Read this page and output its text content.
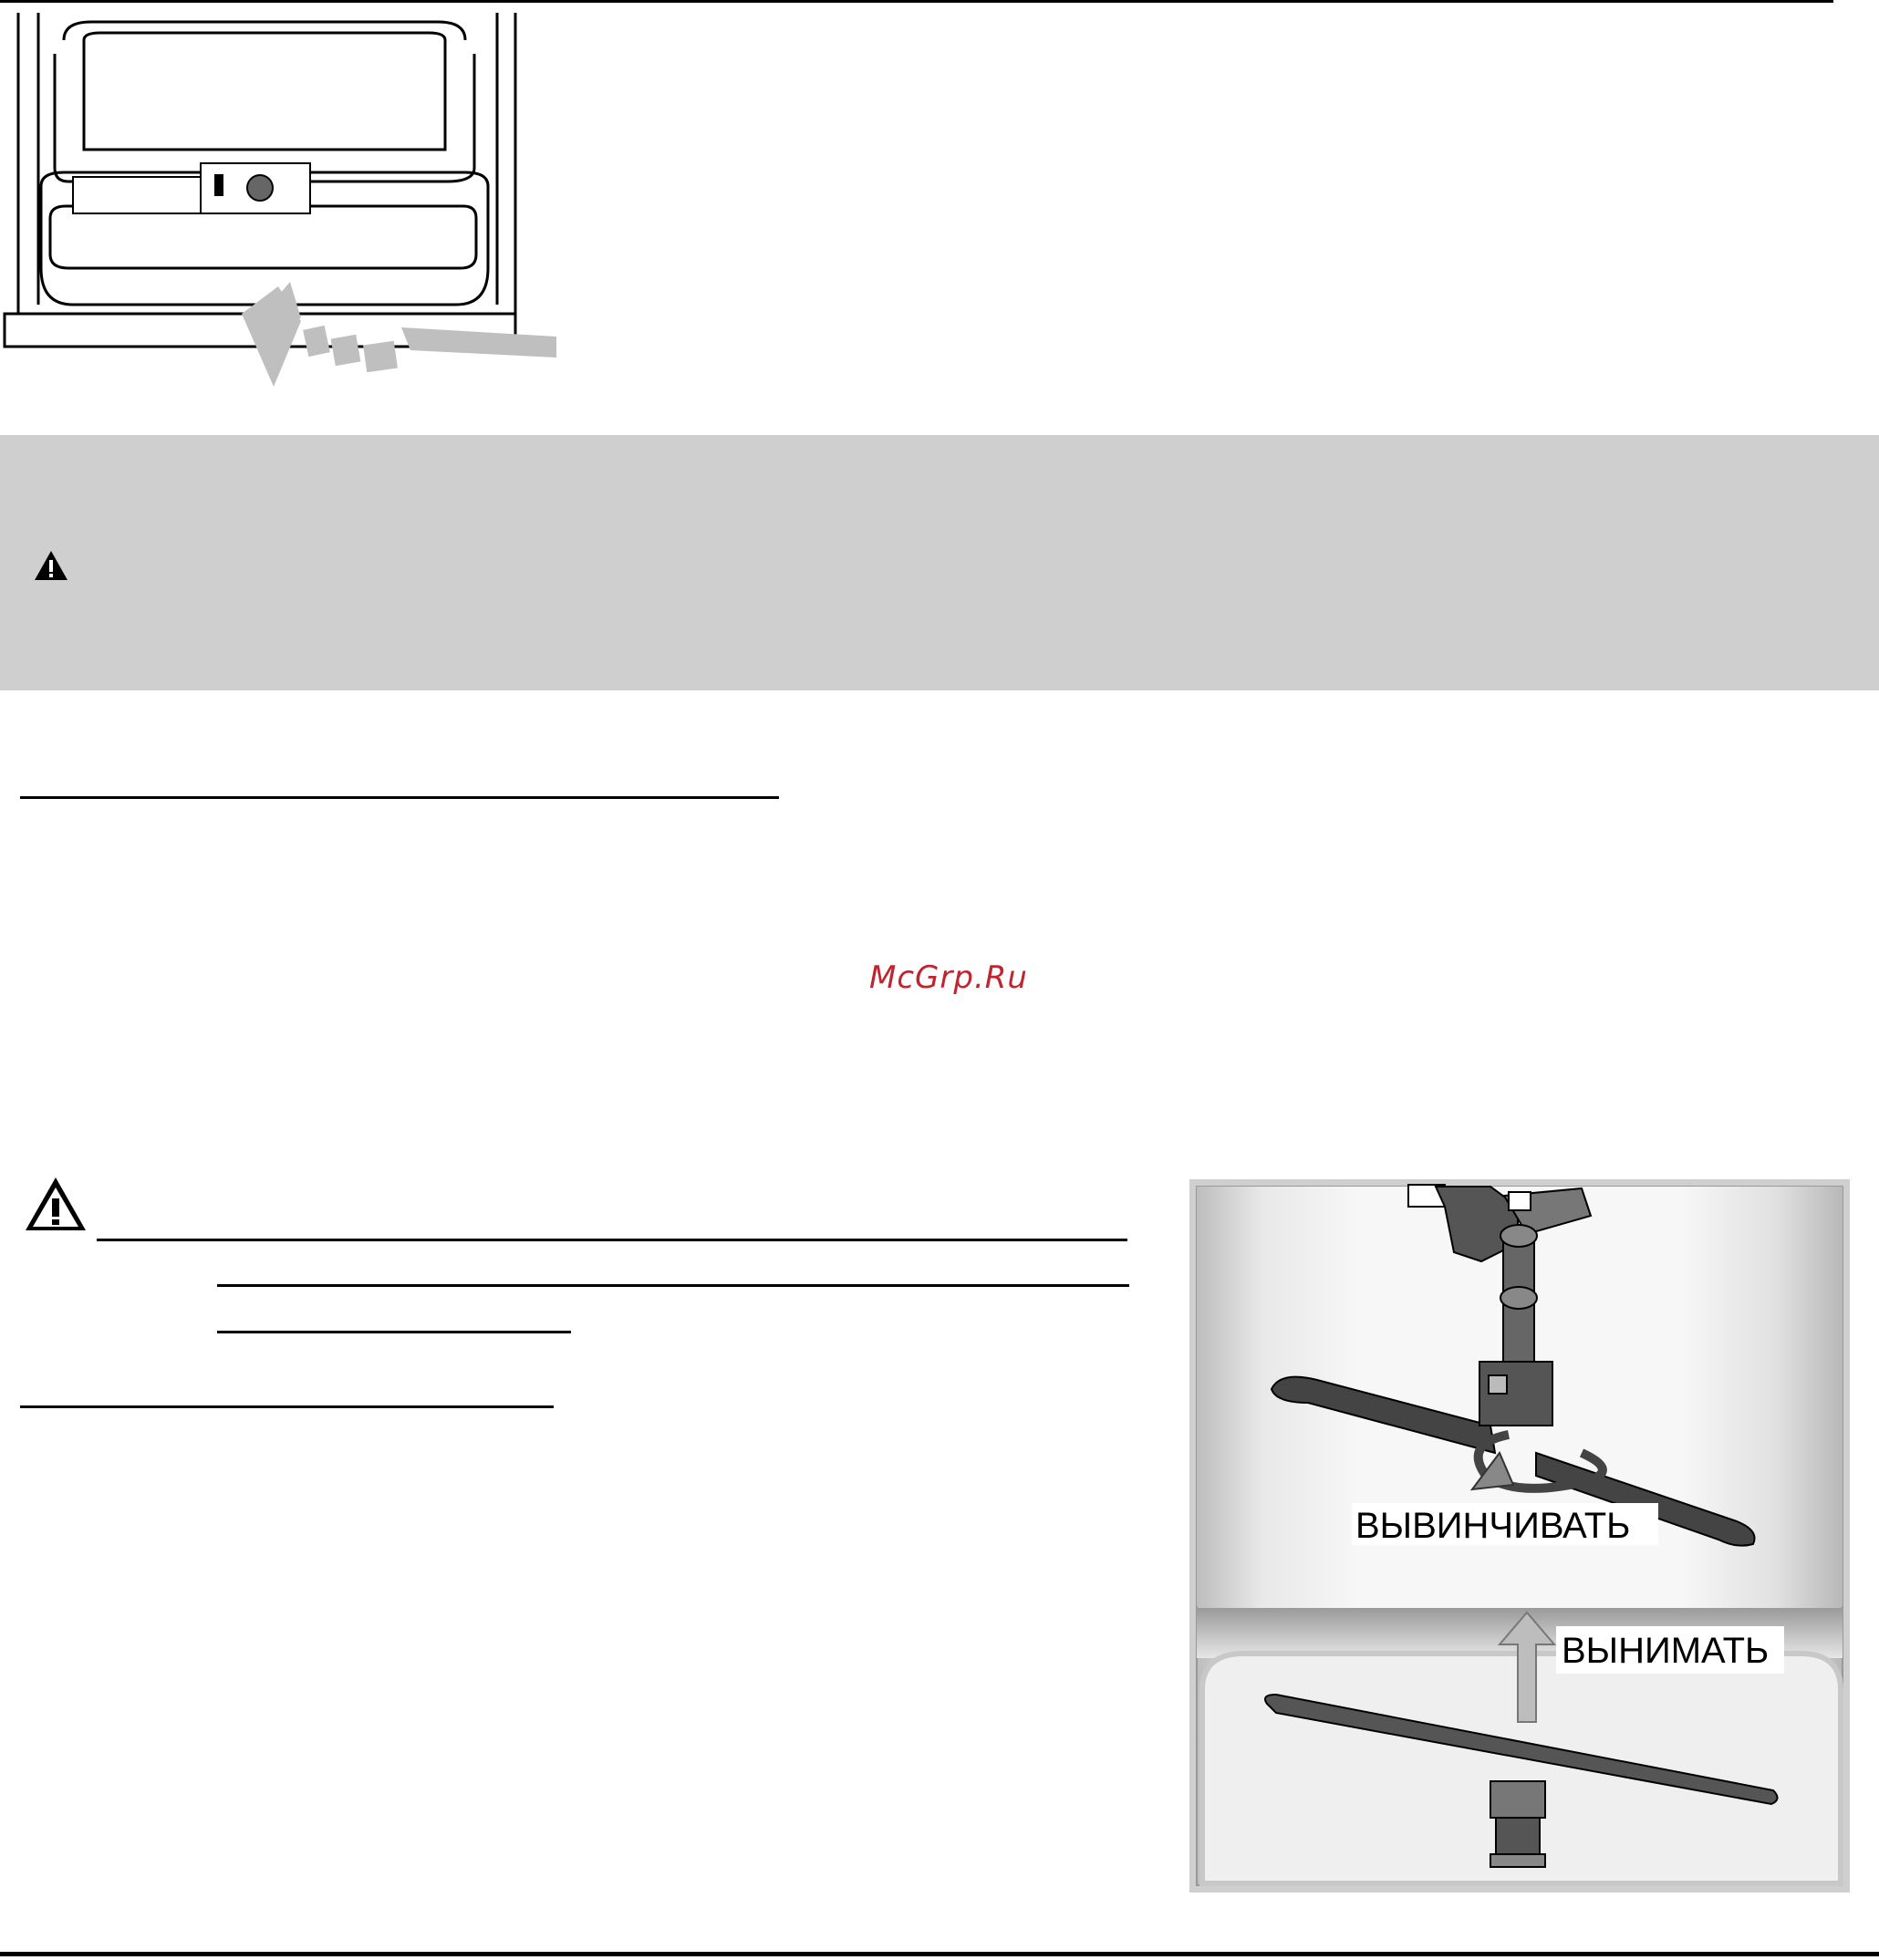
McGrp.Ru
ВЫВИНЧИВАТЬ
ВЫНИМАТЬ
